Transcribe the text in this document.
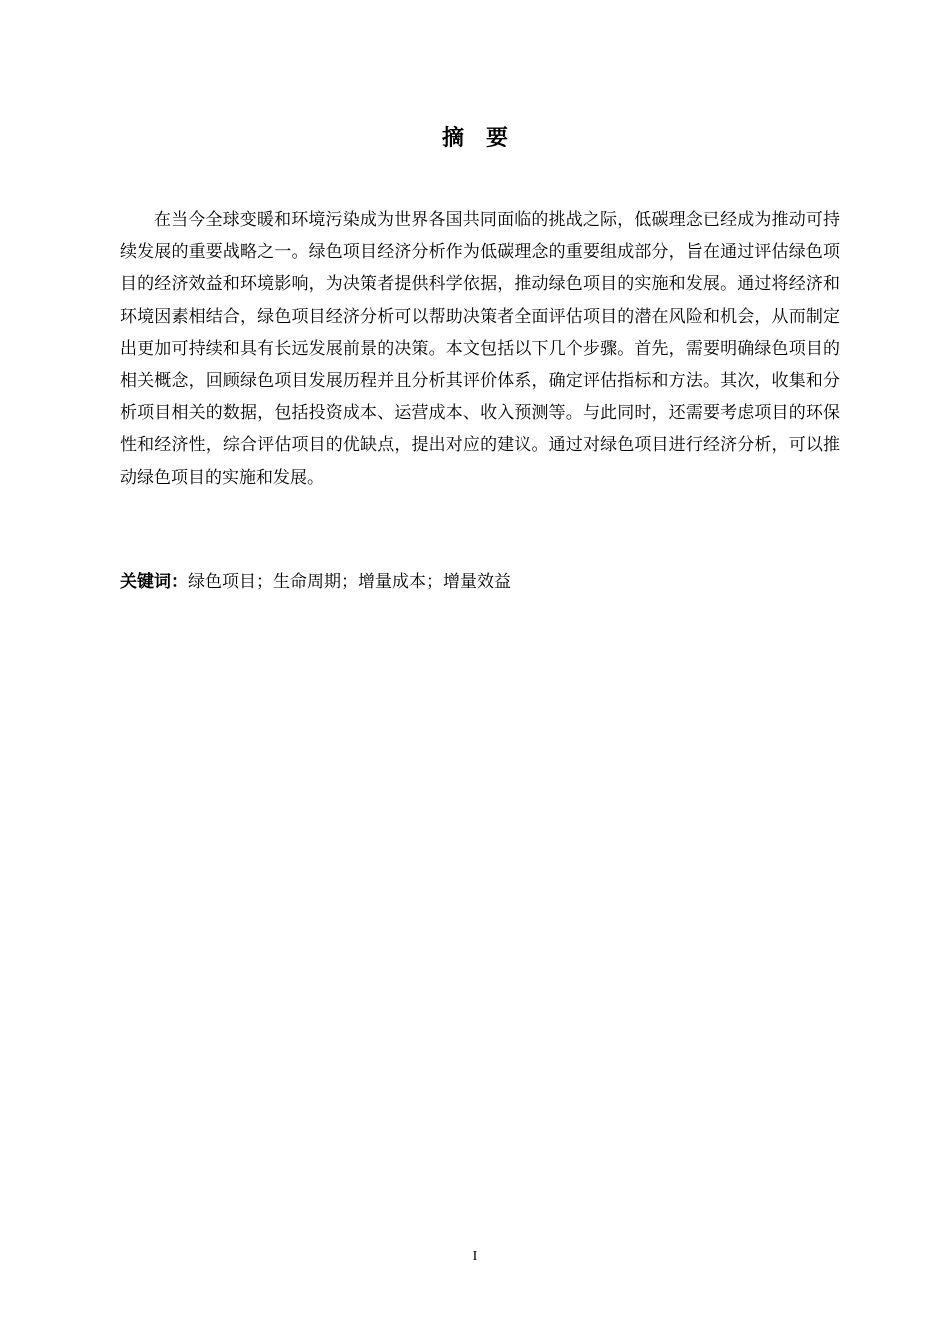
摘　要

在当今全球变暖和环境污染成为世界各国共同面临的挑战之际，低碳理念已经成为推动可持续发展的重要战略之一。绿色项目经济分析作为低碳理念的重要组成部分，旨在通过评估绿色项目的经济效益和环境影响，为决策者提供科学依据，推动绿色项目的实施和发展。通过将经济和环境因素相结合，绿色项目经济分析可以帮助决策者全面评估项目的潜在风险和机会，从而制定出更加可持续和具有长远发展前景的决策。本文包括以下几个步骤。首先，需要明确绿色项目的相关概念，回顾绿色项目发展历程并且分析其评价体系，确定评估指标和方法。其次，收集和分析项目相关的数据，包括投资成本、运营成本、收入预测等。与此同时，还需要考虑项目的环保性和经济性，综合评估项目的优缺点，提出对应的建议。通过对绿色项目进行经济分析，可以推动绿色项目的实施和发展。

关键词：绿色项目；生命周期；增量成本；增量效益
I
